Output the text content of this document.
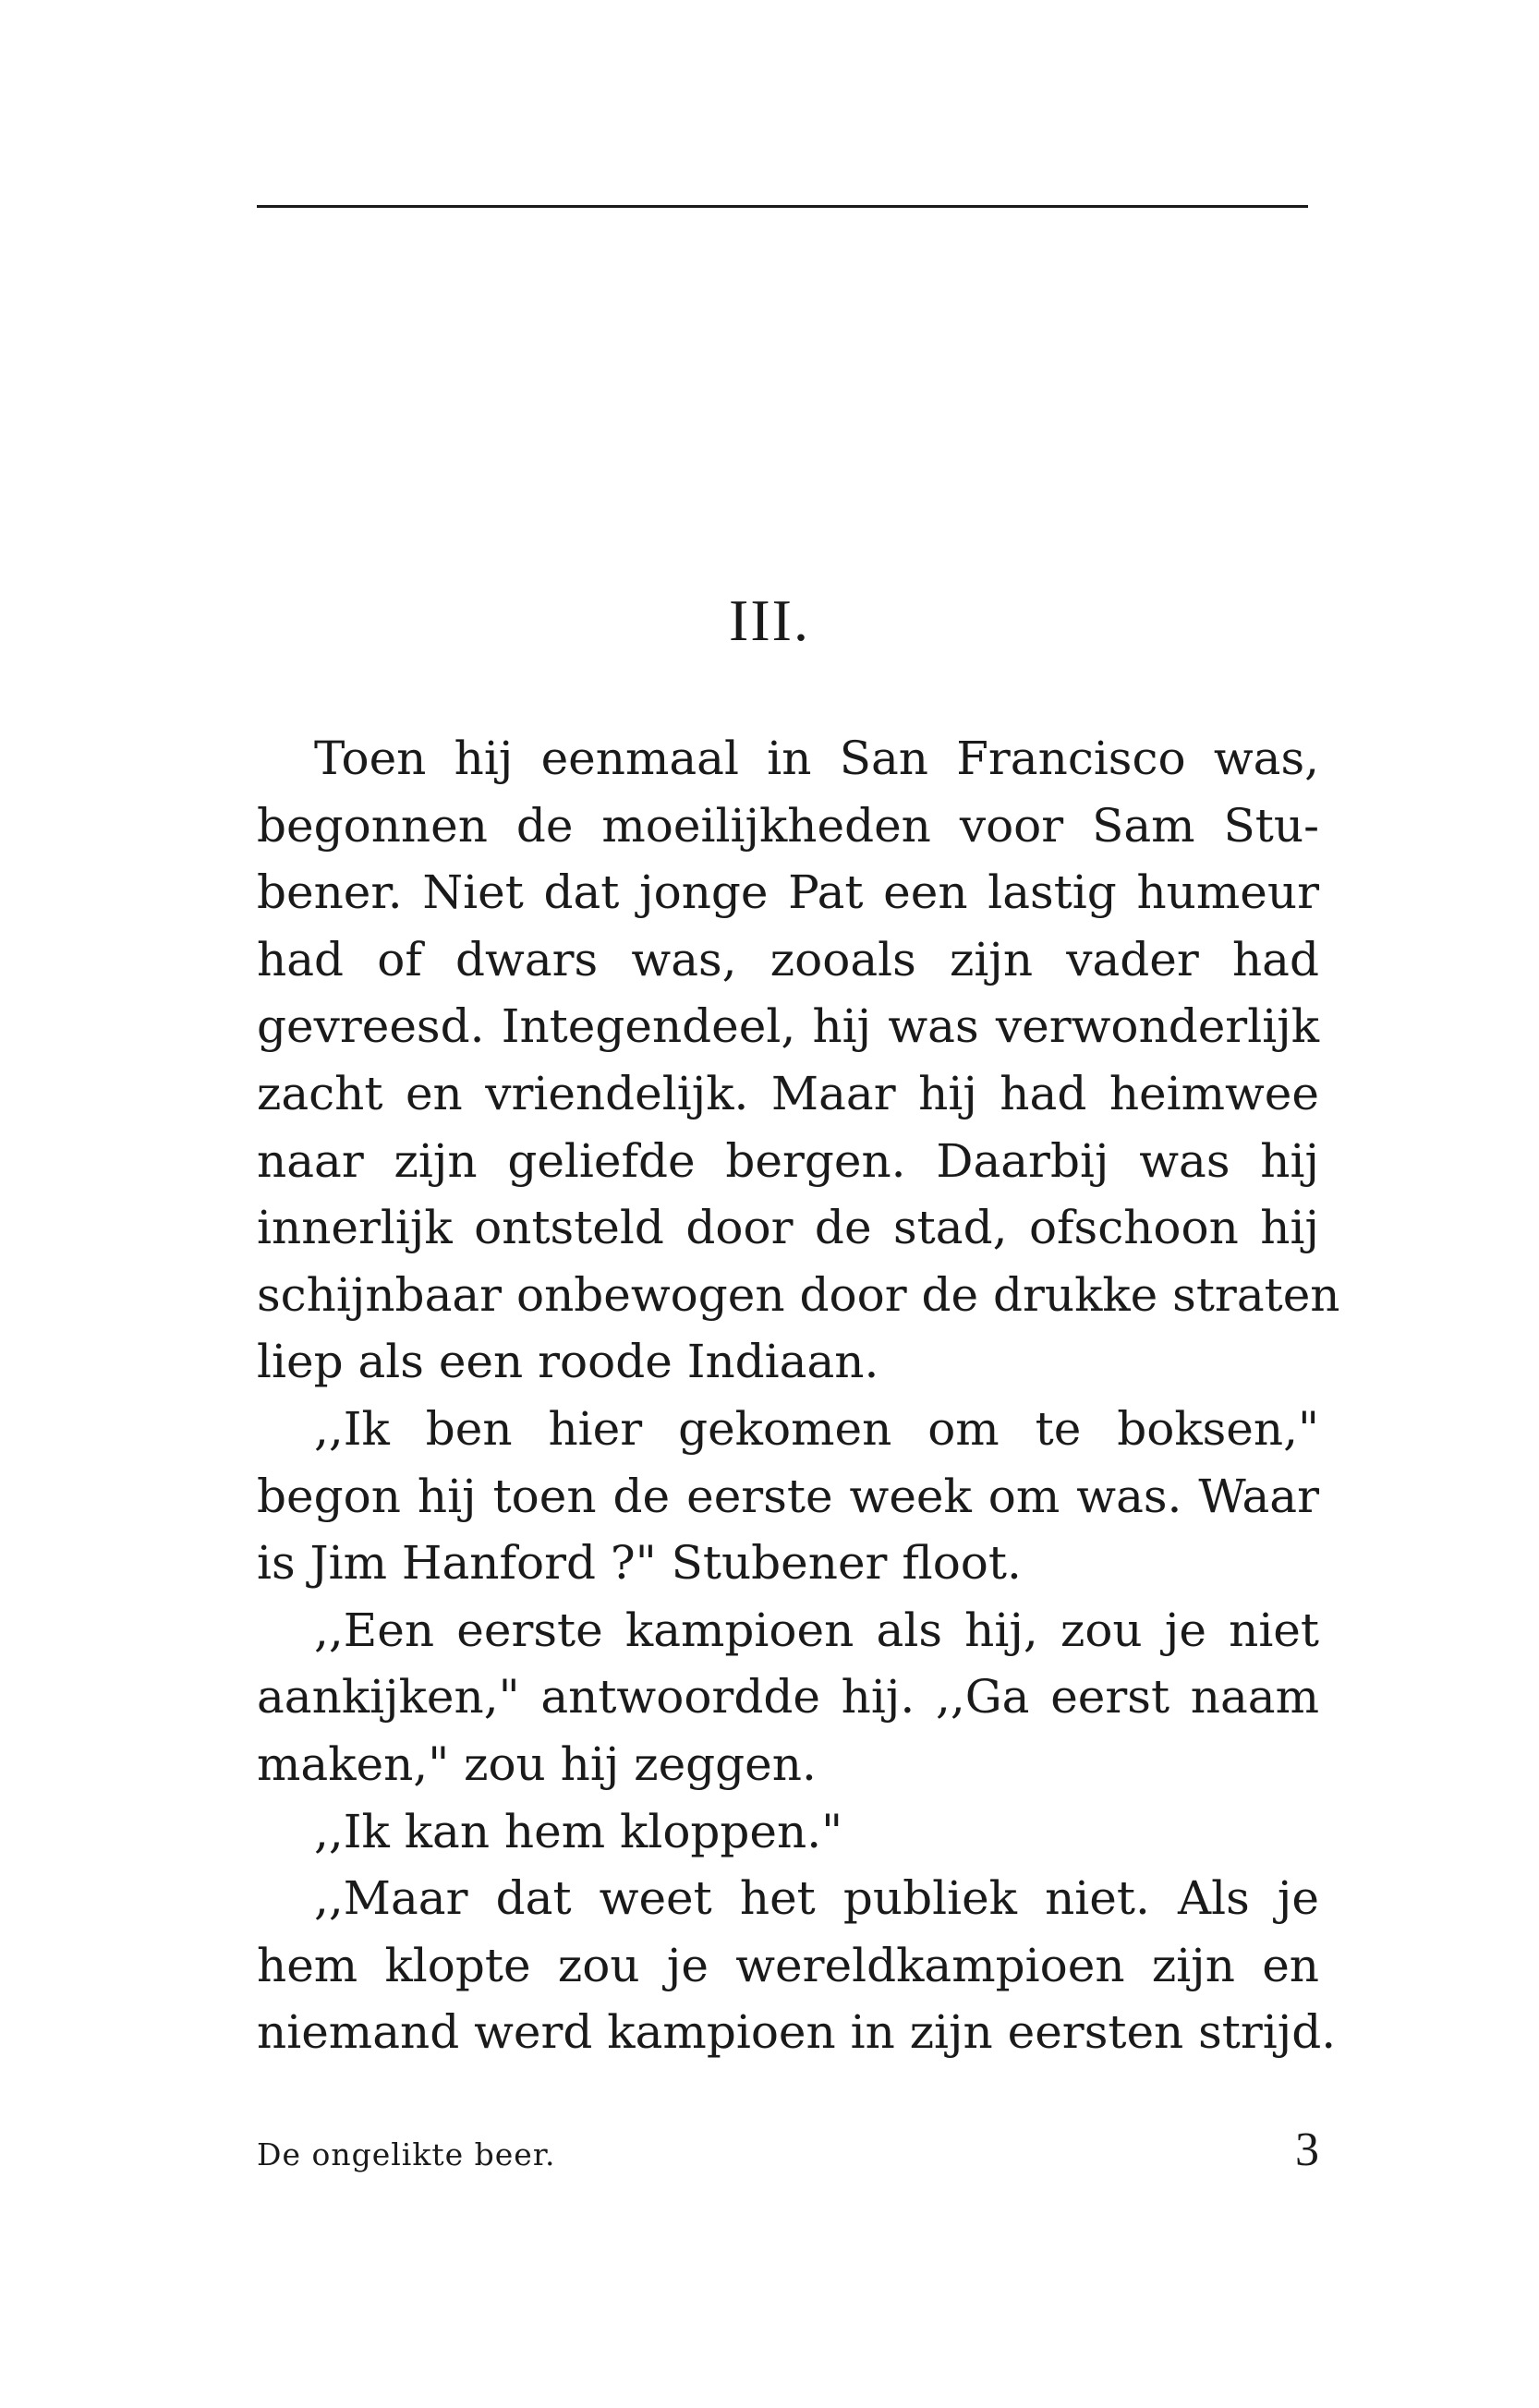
III.
Toen hij eenmaal in San Francisco was,
begonnen de moeilijkheden voor Sam Stu-
bener. Niet dat jonge Pat een lastig humeur
had of dwars was, zooals zijn vader had
gevreesd. Integendeel, hij was verwonderlijk
zacht en vriendelijk. Maar hij had heimwee
naar zijn geliefde bergen. Daarbij was hij
innerlijk ontsteld door de stad, ofschoon hij
schijnbaar onbewogen door de drukke straten
liep als een roode Indiaan.
,,Ik ben hier gekomen om te boksen,"
begon hij toen de eerste week om was. Waar
is Jim Hanford ?" Stubener floot.
,,Een eerste kampioen als hij, zou je niet
aankijken," antwoordde hij. ,,Ga eerst naam
maken," zou hij zeggen.
,,Ik kan hem kloppen."
,,Maar dat weet het publiek niet. Als je
hem klopte zou je wereldkampioen zijn en
niemand werd kampioen in zijn eersten strijd.
De ongelikte beer.	3
